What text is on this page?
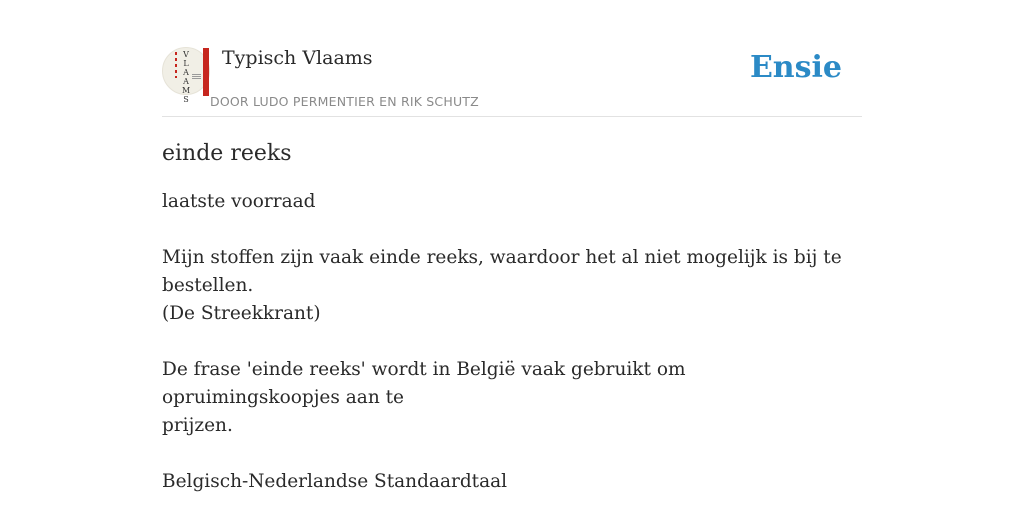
V
L
A
A
M
S
Typisch Vlaams
DOOR LUDO PERMENTIER EN RIK SCHUTZ
Ensie
einde reeks

laatste voorraad

Mijn stoffen zijn vaak einde reeks, waardoor het al niet mogelijk is bij te

bestellen.

(De Streekkrant)

De frase 'einde reeks' wordt in België vaak gebruikt om opruimingskoopjes aan te

prijzen.

Belgisch-Nederlandse Standaardtaal
